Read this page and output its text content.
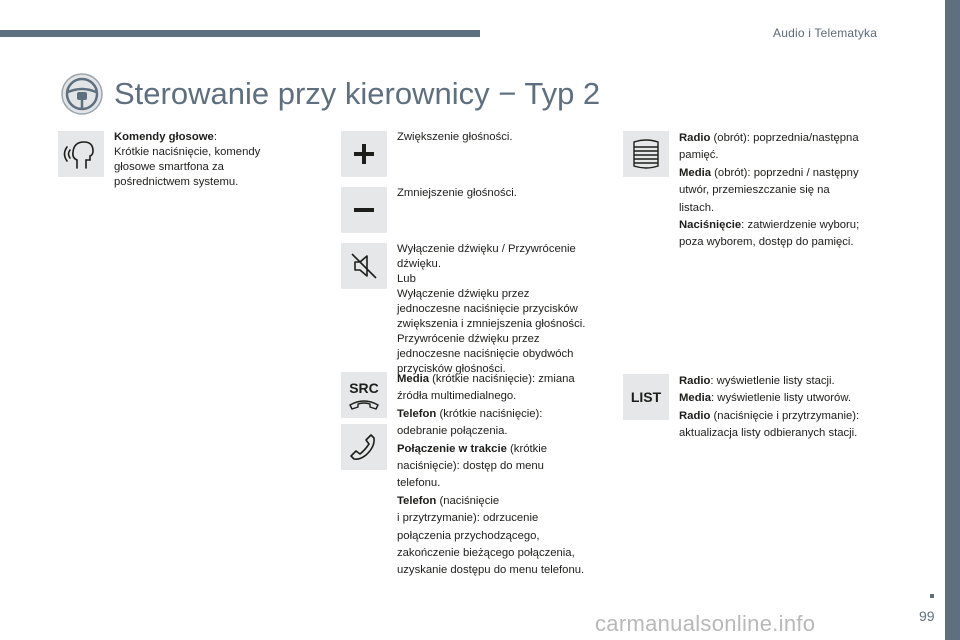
Audio i Telematyka
Sterowanie przy kierownicy − Typ 2
Komendy głosowe:
Krótkie naciśnięcie, komendy
głosowe smartfona za
pośrednictwem systemu.
Zwiększenie głośności.
Zmniejszenie głośności.
Wyłączenie dźwięku / Przywrócenie
dźwięku.
Lub
Wyłączenie dźwięku przez
jednoczesne naciśnięcie przycisków
zwiększenia i zmniejszenia głośności.
Przywrócenie dźwięku przez
jednoczesne naciśnięcie obydwóch
przycisków głośności.
SRC
Media (krótkie naciśnięcie): zmiana
źródła multimedialnego.
Telefon (krótkie naciśnięcie):
odebranie połączenia.
Połączenie w trakcie (krótkie
naciśnięcie): dostęp do menu
telefonu.
Telefon (naciśnięcie
i przytrzymanie): odrzucenie
połączenia przychodzącego,
zakończenie bieżącego połączenia,
uzyskanie dostępu do menu telefonu.
Radio (obrót): poprzednia/następna
pamięć.
Media (obrót): poprzedni / następny
utwór, przemieszczanie się na
listach.
Naciśnięcie: zatwierdzenie wyboru;
poza wyborem, dostęp do pamięci.
LIST
Radio: wyświetlenie listy stacji.
Media: wyświetlenie listy utworów.
Radio (naciśnięcie i przytrzymanie):
aktualizacja listy odbieranych stacji.
99
carmanualsonline.info
